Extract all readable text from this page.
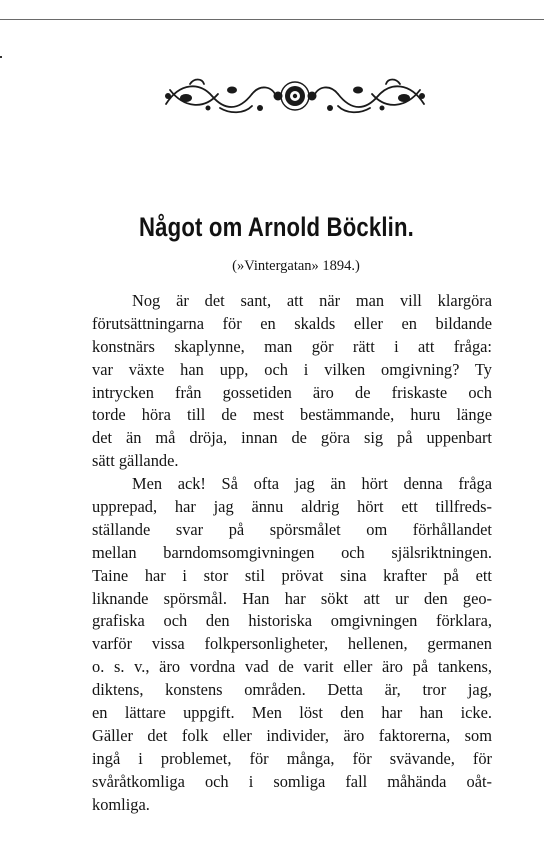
Något om Arnold Böcklin.

(»Vintergatan» 1894.)

Nog är det sant, att när man vill klargöra
förutsättningarna för en skalds eller en bildande
konstnärs skaplynne, man gör rätt i att fråga:
var växte han upp, och i vilken omgivning? Ty
intrycken från gossetiden äro de friskaste och
torde höra till de mest bestämmande, huru länge
det än må dröja, innan de göra sig på uppenbart
sätt gällande.
Men ack! Så ofta jag än hört denna fråga
upprepad, har jag ännu aldrig hört ett tillfreds-
ställande svar på spörsmålet om förhållandet
mellan barndomsomgivningen och själsriktningen.
Taine har i stor stil prövat sina krafter på ett
liknande spörsmål. Han har sökt att ur den geo-
grafiska och den historiska omgivningen förklara,
varför vissa folkpersonligheter, hellenen, germanen
o. s. v., äro vordna vad de varit eller äro på tankens,
diktens, konstens områden. Detta är, tror jag,
en lättare uppgift. Men löst den har han icke.
Gäller det folk eller individer, äro faktorerna, som
ingå i problemet, för många, för svävande, för
svåråtkomliga och i somliga fall måhända oåt-
komliga.
